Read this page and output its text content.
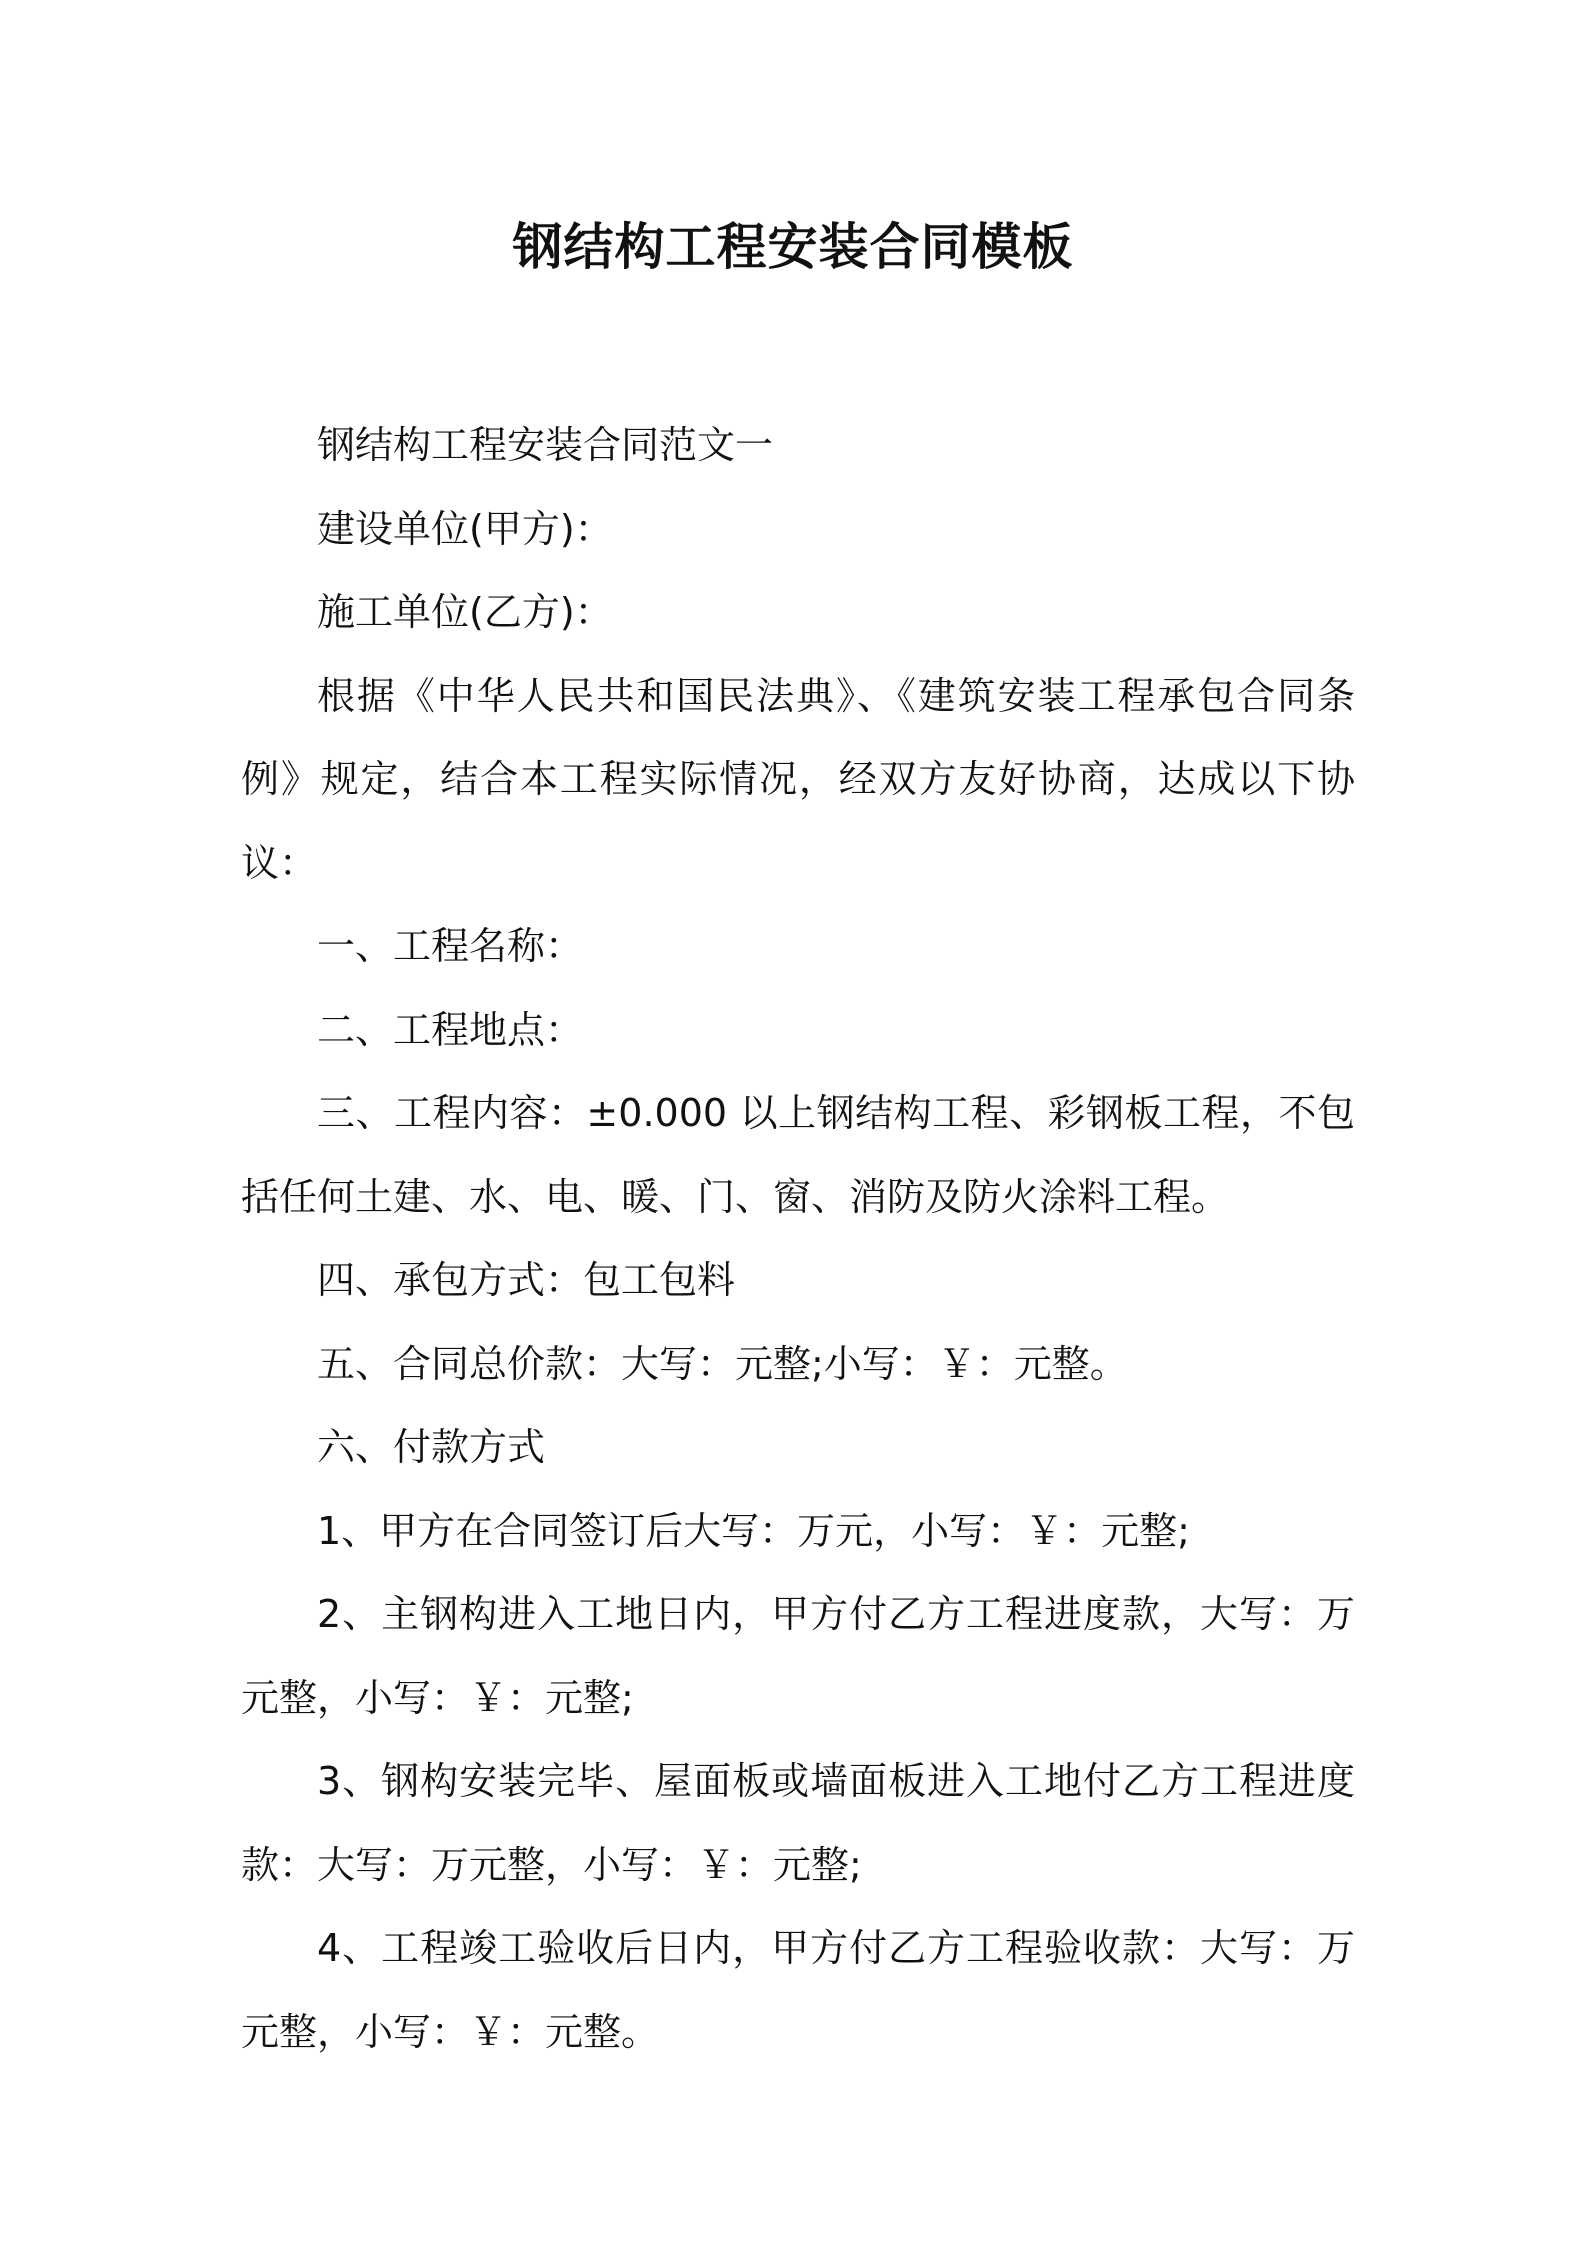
钢结构工程安装合同模板

钢结构工程安装合同范文一

建设单位(甲方)：

施工单位(乙方)：

根据《中华人民共和国民法典》、《建筑安装工程承包合同条例》规定，结合本工程实际情况，经双方友好协商，达成以下协议：

一、工程名称：

二、工程地点：

三、工程内容：±0.000 以上钢结构工程、彩钢板工程，不包括任何土建、水、电、暖、门、窗、消防及防火涂料工程。

四、承包方式：包工包料

五、合同总价款：大写：元整;小写：￥：元整。

六、付款方式

1、甲方在合同签订后大写：万元，小写：￥：元整;

2、主钢构进入工地日内，甲方付乙方工程进度款，大写：万元整，小写：￥：元整;

3、钢构安装完毕、屋面板或墙面板进入工地付乙方工程进度款：大写：万元整，小写：￥：元整;

4、工程竣工验收后日内，甲方付乙方工程验收款：大写：万元整，小写：￥：元整。
